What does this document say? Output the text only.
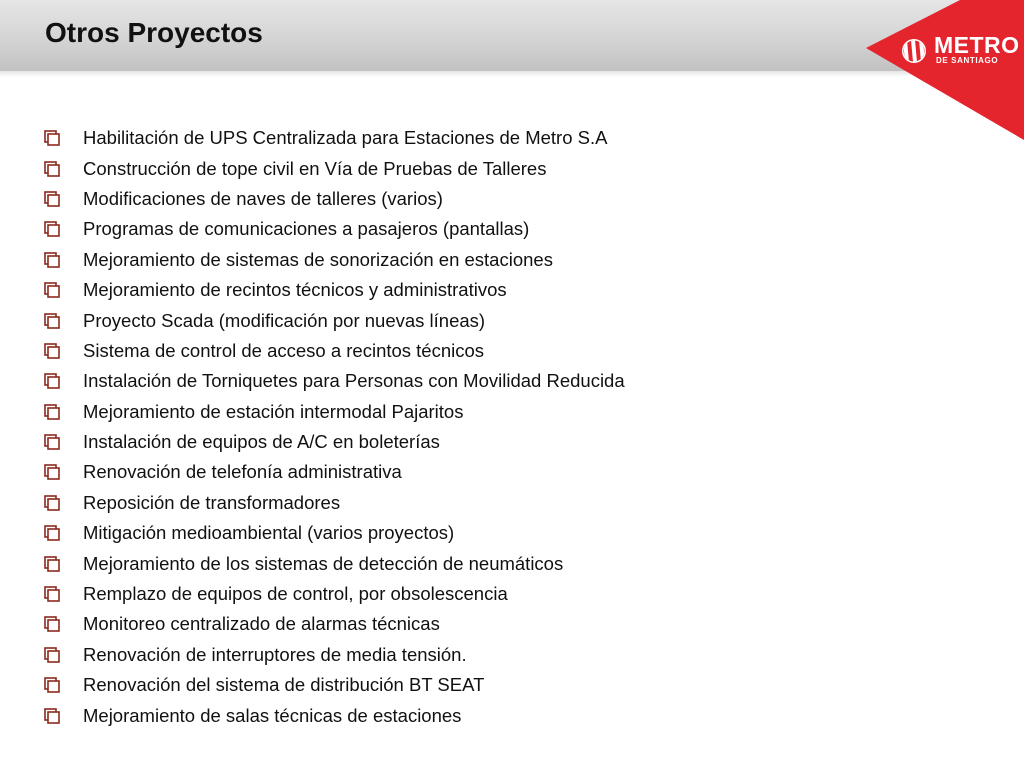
Otros Proyectos	METRO
DE SANTIAGO
Habilitación de UPS Centralizada para Estaciones de Metro S.A
Construcción de tope civil en Vía de Pruebas de Talleres
Modificaciones de naves de talleres (varios)
Programas de comunicaciones a pasajeros (pantallas)
Mejoramiento de sistemas de sonorización en estaciones
Mejoramiento de recintos técnicos y administrativos
Proyecto Scada (modificación por nuevas líneas)
Sistema de control de acceso a recintos técnicos
Instalación de Torniquetes para Personas con Movilidad Reducida
Mejoramiento de estación intermodal Pajaritos
Instalación de equipos de A/C en boleterías
Renovación de telefonía administrativa
Reposición de transformadores
Mitigación medioambiental (varios proyectos)
Mejoramiento de los sistemas de detección de neumáticos
Remplazo de equipos de control, por obsolescencia
Monitoreo centralizado de alarmas técnicas
Renovación de interruptores de media tensión.
Renovación del sistema de distribución BT SEAT
Mejoramiento de salas técnicas de estaciones
